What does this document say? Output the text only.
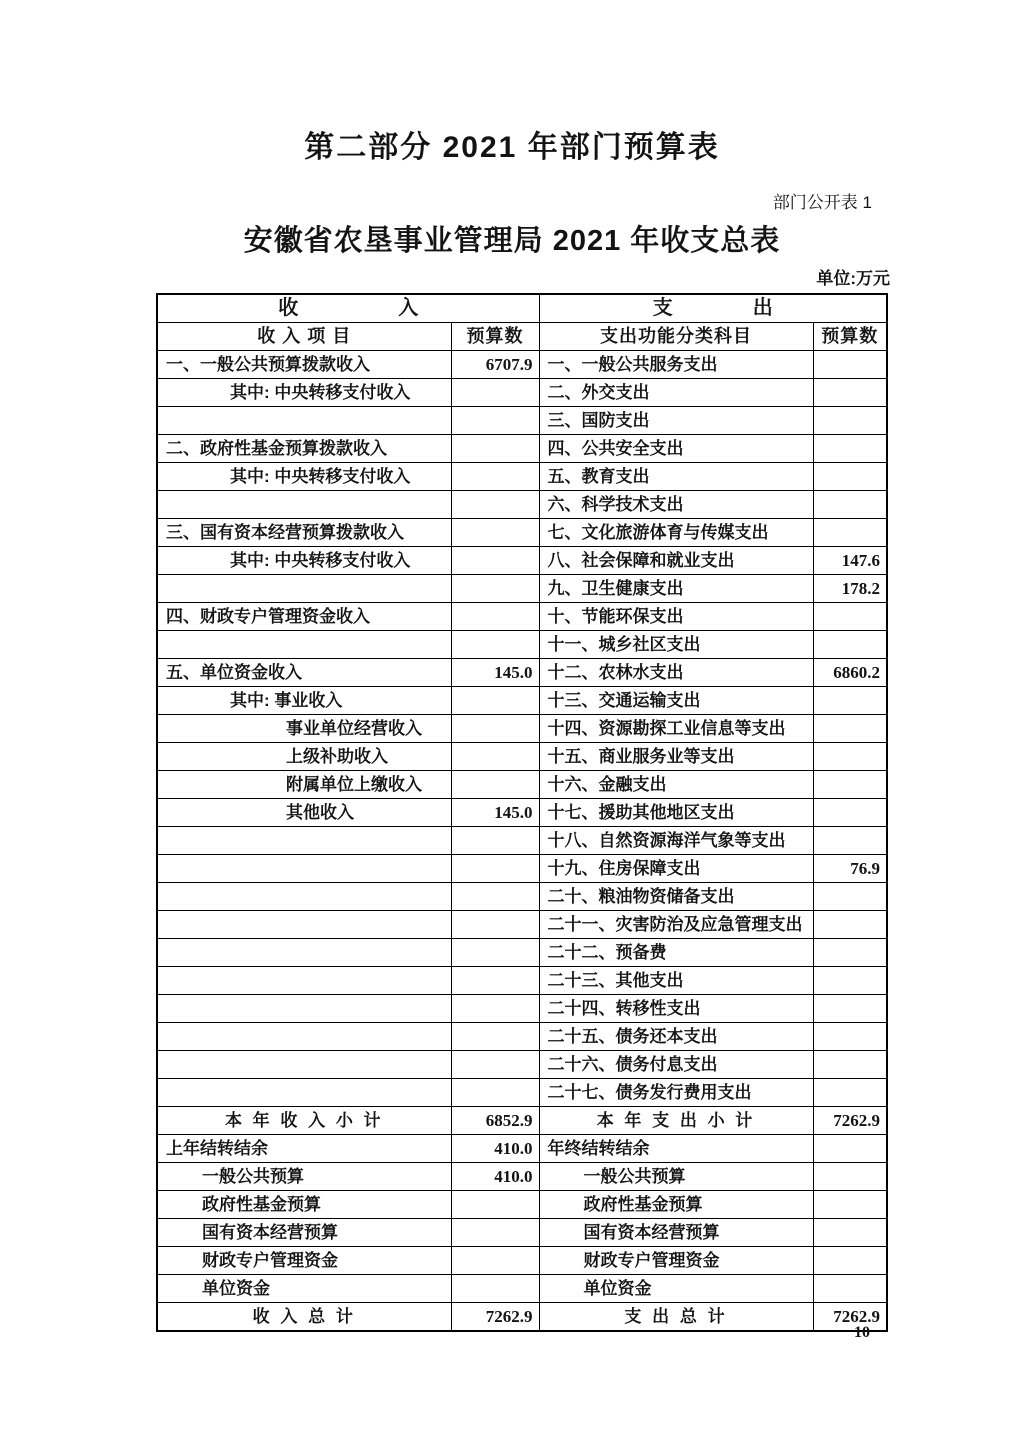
第二部分 2021 年部门预算表
部门公开表 1
安徽省农垦事业管理局 2021 年收支总表
单位:万元
收　　　　　入		支　　　　出	
收 入 项 目	预算数	支出功能分类科目	预算数
一、一般公共预算拨款收入	6707.9	一、一般公共服务支出	
其中: 中央转移支付收入		二、外交支出	
		三、国防支出	
二、政府性基金预算拨款收入		四、公共安全支出	
其中: 中央转移支付收入		五、教育支出	
		六、科学技术支出	
三、国有资本经营预算拨款收入		七、文化旅游体育与传媒支出	
其中: 中央转移支付收入		八、社会保障和就业支出	147.6
		九、卫生健康支出	178.2
四、财政专户管理资金收入		十、节能环保支出	
		十一、城乡社区支出	
五、单位资金收入	145.0	十二、农林水支出	6860.2
其中: 事业收入		十三、交通运输支出	
事业单位经营收入		十四、资源勘探工业信息等支出	
上级补助收入		十五、商业服务业等支出	
附属单位上缴收入		十六、金融支出	
其他收入	145.0	十七、援助其他地区支出	
		十八、自然资源海洋气象等支出	
		十九、住房保障支出	76.9
		二十、粮油物资储备支出	
		二十一、灾害防治及应急管理支出	
		二十二、预备费	
		二十三、其他支出	
		二十四、转移性支出	
		二十五、债务还本支出	
		二十六、债务付息支出	
		二十七、债务发行费用支出	
本 年 收 入 小 计	6852.9	本 年 支 出 小 计	7262.9
上年结转结余	410.0	年终结转结余	
一般公共预算	410.0	一般公共预算	
政府性基金预算		政府性基金预算	
国有资本经营预算		国有资本经营预算	
财政专户管理资金		财政专户管理资金	
单位资金		单位资金	
收 入 总 计	7262.9	支 出 总 计	7262.9
10
